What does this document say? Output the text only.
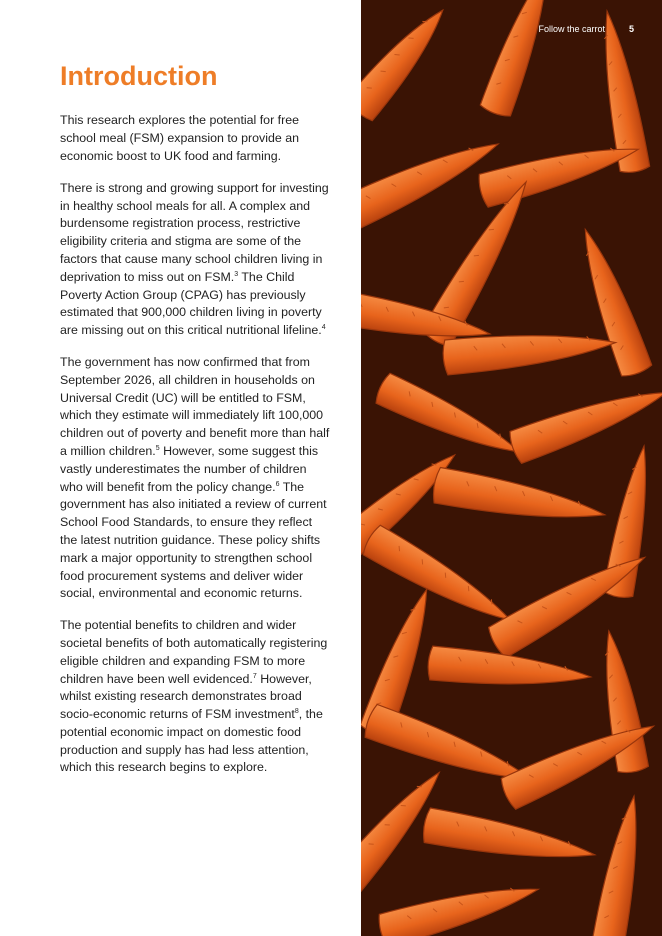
Introduction

This research explores the potential for free school meal (FSM) expansion to provide an economic boost to UK food and farming.

There is strong and growing support for investing in healthy school meals for all. A complex and burdensome registration process, restrictive eligibility criteria and stigma are some of the factors that cause many school children living in deprivation to miss out on FSM.$^3$ The Child Poverty Action Group (CPAG) has previously estimated that 900,000 children living in poverty are missing out on this critical nutritional lifeline.$^4$

The government has now confirmed that from September 2026, all children in households on Universal Credit (UC) will be entitled to FSM, which they estimate will immediately lift 100,000 children out of poverty and benefit more than half a million children.$^5$ However, some suggest this vastly underestimates the number of children who will benefit from the policy change.$^6$ The government has also initiated a review of current School Food Standards, to ensure they reflect the latest nutrition guidance. These policy shifts mark a major opportunity to strengthen school food procurement systems and deliver wider social, environmental and economic returns.

The potential benefits to children and wider societal benefits of both automatically registering eligible children and expanding FSM to more children have been well evidenced.$^7$ However, whilst existing research demonstrates broad socio-economic returns of FSM investment$^8$, the potential economic impact on domestic food production and supply has had less attention, which this research begins to explore.

Follow the carrot	5
